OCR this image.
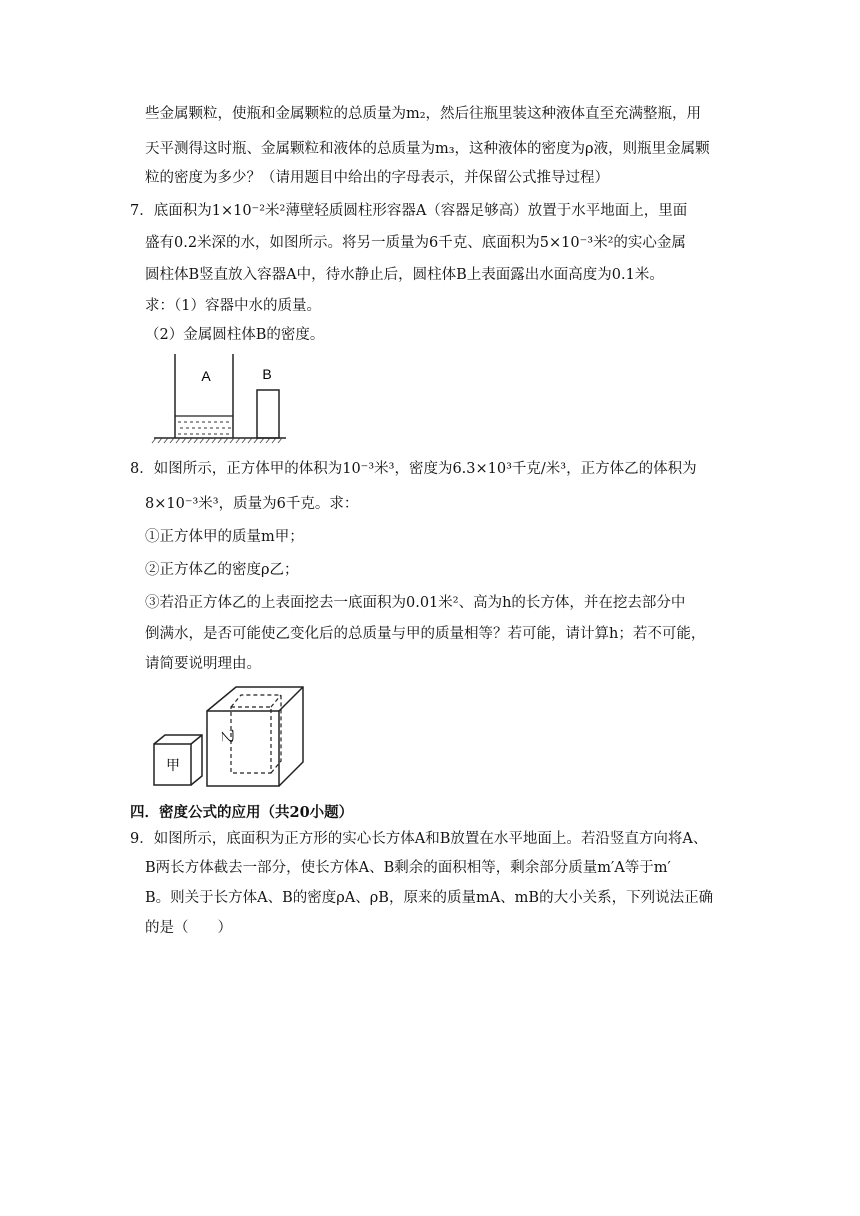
些金属颗粒，使瓶和金属颗粒的总质量为m₂，然后往瓶里装这种液体直至充满整瓶，用
天平测得这时瓶、金属颗粒和液体的总质量为m₃，这种液体的密度为ρ液，则瓶里金属颗
粒的密度为多少？（请用题目中给出的字母表示，并保留公式推导过程）
7．底面积为1×10⁻²米²薄壁轻质圆柱形容器A（容器足够高）放置于水平地面上，里面
盛有0.2米深的水，如图所示。将另一质量为6千克、底面积为5×10⁻³米²的实心金属
圆柱体B竖直放入容器A中，待水静止后，圆柱体B上表面露出水面高度为0.1米。
求：（1）容器中水的质量。
（2）金属圆柱体B的密度。
A	B
8．如图所示，正方体甲的体积为10⁻³米³，密度为6.3×10³千克/米³，正方体乙的体积为
8×10⁻³米³，质量为6千克。求：
①正方体甲的质量m甲；
②正方体乙的密度ρ乙；
③若沿正方体乙的上表面挖去一底面积为0.01米²、高为h的长方体，并在挖去部分中
倒满水，是否可能使乙变化后的总质量与甲的质量相等？若可能，请计算h；若不可能，
请简要说明理由。
甲
乙
四．密度公式的应用（共20小题）
9．如图所示，底面积为正方形的实心长方体A和B放置在水平地面上。若沿竖直方向将A、
B两长方体截去一部分，使长方体A、B剩余的面积相等，剩余部分质量m′A等于m′
B。则关于长方体A、B的密度ρA、ρB，原来的质量mA、mB的大小关系，下列说法正确
的是（　　）
